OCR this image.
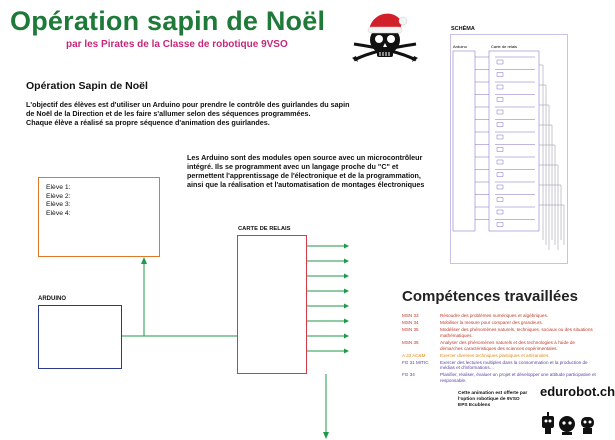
Opération sapin de Noël
par les Pirates de la Classe de robotique 9VSO
Opération Sapin de Noël
L'objectif des élèves est d'utiliser un Arduino pour prendre le contrôle des guirlandes du sapin
de Noël de la Direction et de les faire s'allumer selon des séquences programmées.
Chaque élève a réalisé sa propre séquence d'animation des guirlandes.
Les Arduino sont des modules open source avec un microcontrôleur
intégré. Ils se programment avec un langage proche du "C" et
permettent l'apprentissage de l'électronique et de la programmation,
ainsi que la réalisation et l'automatisation de montages électroniques
Elève 1:
Elève 2:
Elève 3:
Elève 4:
ARDUINO
CARTE DE RELAIS
SCHÉMA
Arduino	Carte de relais
Compétences travaillées
MSN 33	Résoudre des problèmes numériques et algébriques.
MSN 34	Mobiliser la mesure pour comparer des grandeurs.
MSN 35	Modéliser des phénomènes naturels, techniques, sociaux ou des situations mathématiques.
MSN 36	Analyser des phénomènes naturels et des technologies à l'aide de démarches caractéristiques des sciences expérimentales.
A 33 AC&M	Exercer diverses techniques plastiques et artisanales.
FG 31 MITIC	Exercer des lectures multiples dans la consommation et la production de médias et d'informations…
FG 34	Planifier, réaliser, évaluer un projet et développer une attitude participative et responsable.
Cette animation est offerte par
l'option robotique de 9VSO
EPS Ecublens
edurobot.ch
